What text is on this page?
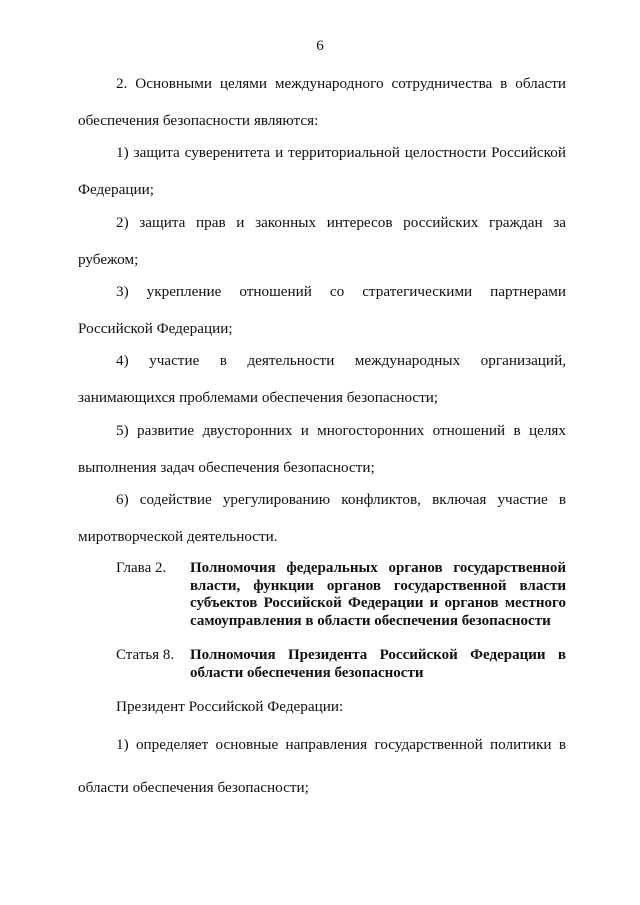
6
2. Основными целями международного сотрудничества в области
обеспечения безопасности являются:
1) защита суверенитета и территориальной целостности Российской
Федерации;
2) защита прав и законных интересов российских граждан за
рубежом;
3) укрепление отношений со стратегическими партнерами
Российской Федерации;
4) участие в деятельности международных организаций,
занимающихся проблемами обеспечения безопасности;
5) развитие двусторонних и многосторонних отношений в целях
выполнения задач обеспечения безопасности;
6) содействие урегулированию конфликтов, включая участие в
миротворческой деятельности.
Глава 2.	Полномочия федеральных органов государственной власти, функции органов государственной власти субъектов Российской Федерации и органов местного самоуправления в области обеспечения безопасности
Статья 8.	Полномочия Президента Российской Федерации в области обеспечения безопасности
Президент Российской Федерации:
1) определяет основные направления государственной политики в
области обеспечения безопасности;
